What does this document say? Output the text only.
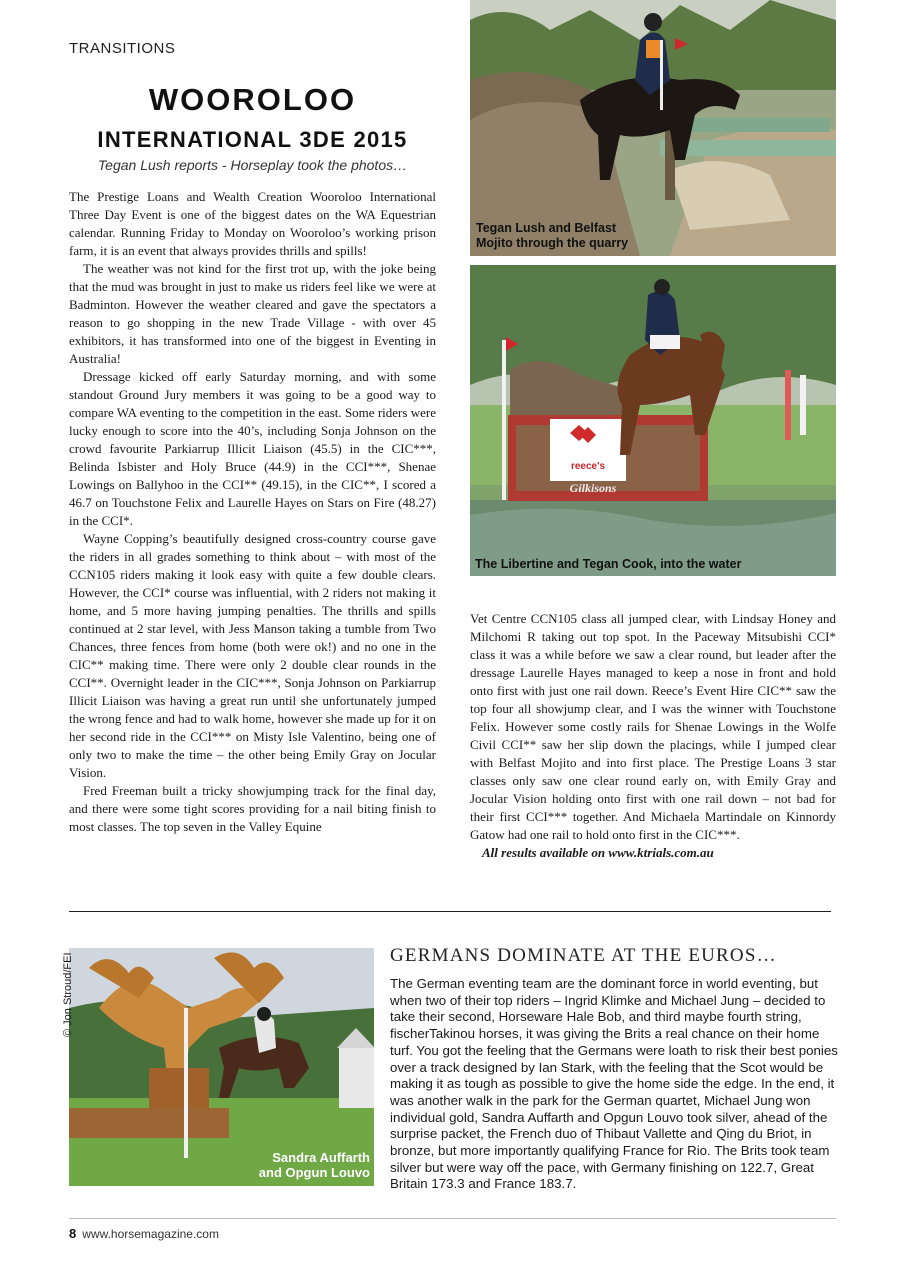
TRANSITIONS
WOOROLOO
INTERNATIONAL 3DE 2015
Tegan Lush reports - Horseplay took the photos…

The Prestige Loans and Wealth Creation Wooroloo International Three Day Event is one of the biggest dates on the WA Equestrian calendar. Running Friday to Monday on Wooroloo’s working prison farm, it is an event that always provides thrills and spills!

The weather was not kind for the first trot up, with the joke being that the mud was brought in just to make us riders feel like we were at Badminton. However the weather cleared and gave the spectators a reason to go shopping in the new Trade Village - with over 45 exhibitors, it has transformed into one of the biggest in Eventing in Australia!

Dressage kicked off early Saturday morning, and with some standout Ground Jury members it was going to be a good way to compare WA eventing to the competition in the east. Some riders were lucky enough to score into the 40’s, including Sonja Johnson on the crowd favourite Parkiarrup Illicit Liaison (45.5) in the CIC***, Belinda Isbister and Holy Bruce (44.9) in the CCI***, Shenae Lowings on Ballyhoo in the CCI** (49.15), in the CIC**, I scored a 46.7 on Touchstone Felix and Laurelle Hayes on Stars on Fire (48.27) in the CCI*.

Wayne Copping’s beautifully designed cross-country course gave the riders in all grades something to think about – with most of the CCN105 riders making it look easy with quite a few double clears. However, the CCI* course was influential, with 2 riders not making it home, and 5 more having jumping penalties. The thrills and spills continued at 2 star level, with Jess Manson taking a tumble from Two Chances, three fences from home (both were ok!) and no one in the CIC** making time. There were only 2 double clear rounds in the CCI**. Overnight leader in the CIC***, Sonja Johnson on Parkiarrup Illicit Liaison was having a great run until she unfortunately jumped the wrong fence and had to walk home, however she made up for it on her second ride in the CCI*** on Misty Isle Valentino, being one of only two to make the time – the other being Emily Gray on Jocular Vision.

Fred Freeman built a tricky showjumping track for the final day, and there were some tight scores providing for a nail biting finish to most classes. The top seven in the Valley Equine

Tegan Lush and Belfast
Mojito through the quarry
reece's
Gilkisons
The Libertine and Tegan Cook, into the water

Vet Centre CCN105 class all jumped clear, with Lindsay Honey and Milchomi R taking out top spot. In the Paceway Mitsubishi CCI* class it was a while before we saw a clear round, but leader after the dressage Laurelle Hayes managed to keep a nose in front and hold onto first with just one rail down. Reece’s Event Hire CIC** saw the top four all showjump clear, and I was the winner with Touchstone Felix. However some costly rails for Shenae Lowings in the Wolfe Civil CCI** saw her slip down the placings, while I jumped clear with Belfast Mojito and into first place. The Prestige Loans 3 star classes only saw one clear round early on, with Emily Gray and Jocular Vision holding onto first with one rail down – not bad for their first CCI*** together. And Michaela Martindale on Kinnordy Gatow had one rail to hold onto first in the CIC***.

All results available on www.ktrials.com.au

Sandra Auffarth
and Opgun Louvo
© Jon Stroud/FEI	GERMANS DOMINATE AT THE EUROS…
The German eventing team are the dominant force in world eventing, but when two of their top riders – Ingrid Klimke and Michael Jung – decided to take their second, Horseware Hale Bob, and third maybe fourth string, fischerTakinou horses, it was giving the Brits a real chance on their home turf. You got the feeling that the Germans were loath to risk their best ponies over a track designed by Ian Stark, with the feeling that the Scot would be making it as tough as possible to give the home side the edge. In the end, it was another walk in the park for the German quartet, Michael Jung won individual gold, Sandra Auffarth and Opgun Louvo took silver, ahead of the surprise packet, the French duo of Thibaut Vallette and Qing du Briot, in bronze, but more importantly qualifying France for Rio. The Brits took team silver but were way off the pace, with Germany finishing on 122.7, Great Britain 173.3 and France 183.7.
8 www.horsemagazine.com
